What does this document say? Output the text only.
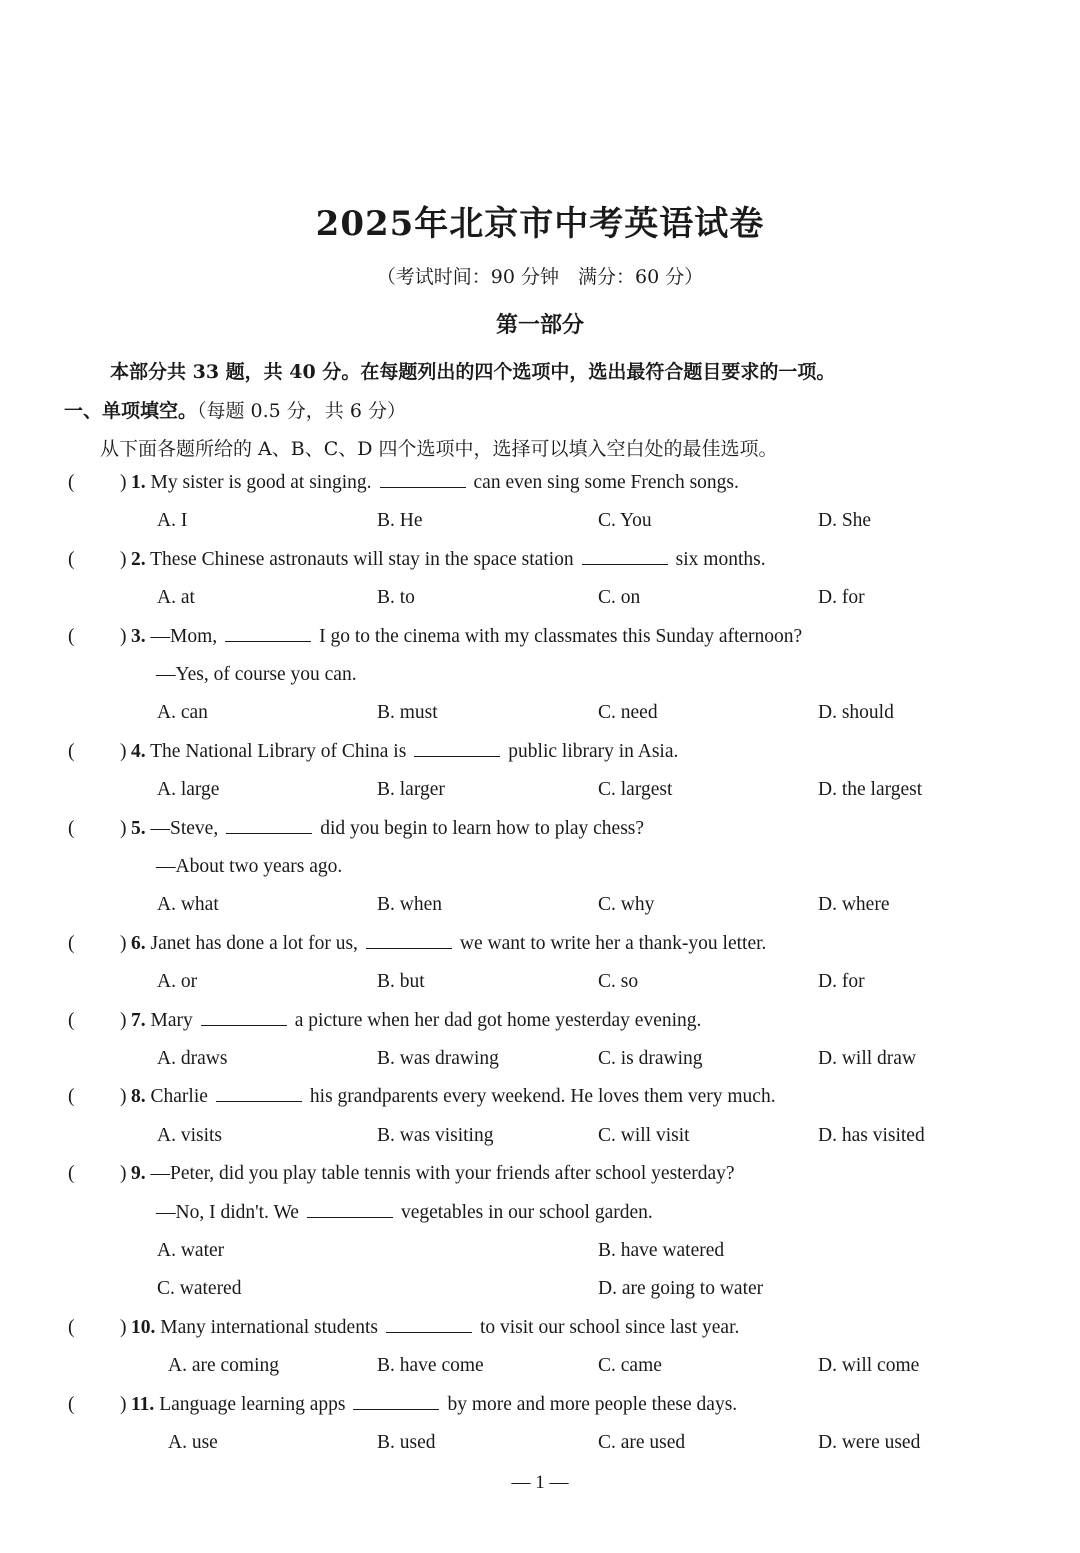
2025年北京市中考英语试卷
（考试时间：90 分钟　满分：60 分）
第一部分
本部分共 33 题，共 40 分。在每题列出的四个选项中，选出最符合题目要求的一项。
一、单项填空。（每题 0.5 分，共 6 分）
从下面各题所给的 A、B、C、D 四个选项中，选择可以填入空白处的最佳选项。
( ) 1. My sister is good at singing.	can even sing some French songs.
A. I	B. He	C. You	D. She
( ) 2. These Chinese astronauts will stay in the space station	six months.
A. at	B. to	C. on	D. for
( ) 3. —Mom,	I go to the cinema with my classmates this Sunday afternoon?
—Yes, of course you can.
A. can	B. must	C. need	D. should
( ) 4. The National Library of China is	public library in Asia.
A. large	B. larger	C. largest	D. the largest
( ) 5. —Steve,	did you begin to learn how to play chess?
—About two years ago.
A. what	B. when	C. why	D. where
( ) 6. Janet has done a lot for us,	we want to write her a thank-you letter.
A. or	B. but	C. so	D. for
( ) 7. Mary	a picture when her dad got home yesterday evening.
A. draws	B. was drawing	C. is drawing	D. will draw
( ) 8. Charlie	his grandparents every weekend. He loves them very much.
A. visits	B. was visiting	C. will visit	D. has visited
( ) 9. —Peter, did you play table tennis with your friends after school yesterday?
—No, I didn't. We	vegetables in our school garden.
A. water	B. have watered
C. watered	D. are going to water
( ) 10. Many international students	to visit our school since last year.
A. are coming	B. have come	C. came	D. will come
( ) 11. Language learning apps	by more and more people these days.
A. use	B. used	C. are used	D. were used
— 1 —
